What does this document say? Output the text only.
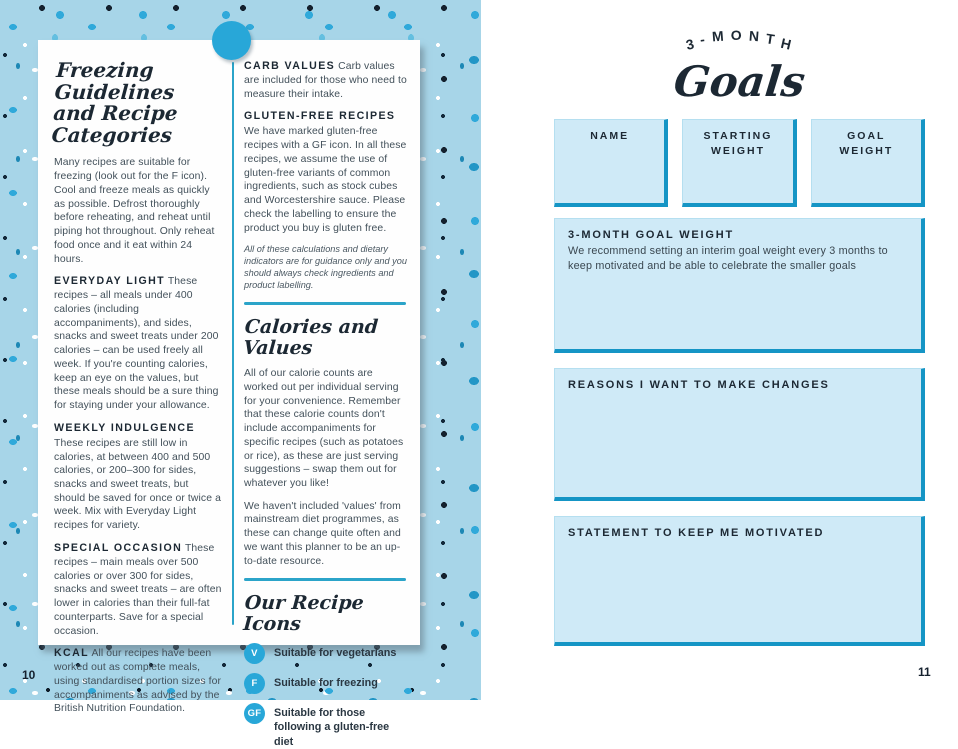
Freezing Guidelines
and Recipe Categories

Many recipes are suitable for freezing (look out for the F icon). Cool and freeze meals as quickly as possible. Defrost thoroughly before reheating, and reheat until piping hot throughout. Only reheat food once and it eat within 24 hours.

EVERYDAY LIGHT These recipes – all meals under 400 calories (including accompaniments), and sides, snacks and sweet treats under 200 calories – can be used freely all week. If you're counting calories, keep an eye on the values, but these meals should be a sure thing for staying under your allowance.

WEEKLY INDULGENCE
These recipes are still low in calories, at between 400 and 500 calories, or 200–300 for sides, snacks and sweet treats, but should be saved for once or twice a week. Mix with Everyday Light recipes for variety.

SPECIAL OCCASION These recipes – main meals over 500 calories or over 300 for sides, snacks and sweet treats – are often lower in calories than their full-fat counterparts. Save for a special occasion.

KCAL All our recipes have been worked out as complete meals, using standardised portion sizes for accompaniments as advised by the British Nutrition Foundation.

CARB VALUES Carb values are included for those who need to measure their intake.

GLUTEN-FREE RECIPES
We have marked gluten-free recipes with a GF icon. In all these recipes, we assume the use of gluten-free variants of common ingredients, such as stock cubes and Worcestershire sauce. Please check the labelling to ensure the product you buy is gluten free.

All of these calculations and dietary indicators are for guidance only and you should always check ingredients and product labelling.

Calories and Values

All of our calorie counts are worked out per individual serving for your convenience. Remember that these calorie counts don't include accompaniments for specific recipes (such as potatoes or rice), as these are just serving suggestions – swap them out for whatever you like!

We haven't included 'values' from mainstream diet programmes, as these can change quite often and we want this planner to be an up-to-date resource.

Our Recipe Icons
V	Suitable for vegetarians
F	Suitable for freezing
GF	Suitable for those following a gluten-free diet
10
3 - M O N T H
Goals
NAME	STARTING WEIGHT
GOAL WEIGHT
3-MONTH GOAL WEIGHT
We recommend setting an interim goal weight every 3 months to keep motivated and be able to celebrate the smaller goals
REASONS I WANT TO MAKE CHANGES
STATEMENT TO KEEP ME MOTIVATED
11
